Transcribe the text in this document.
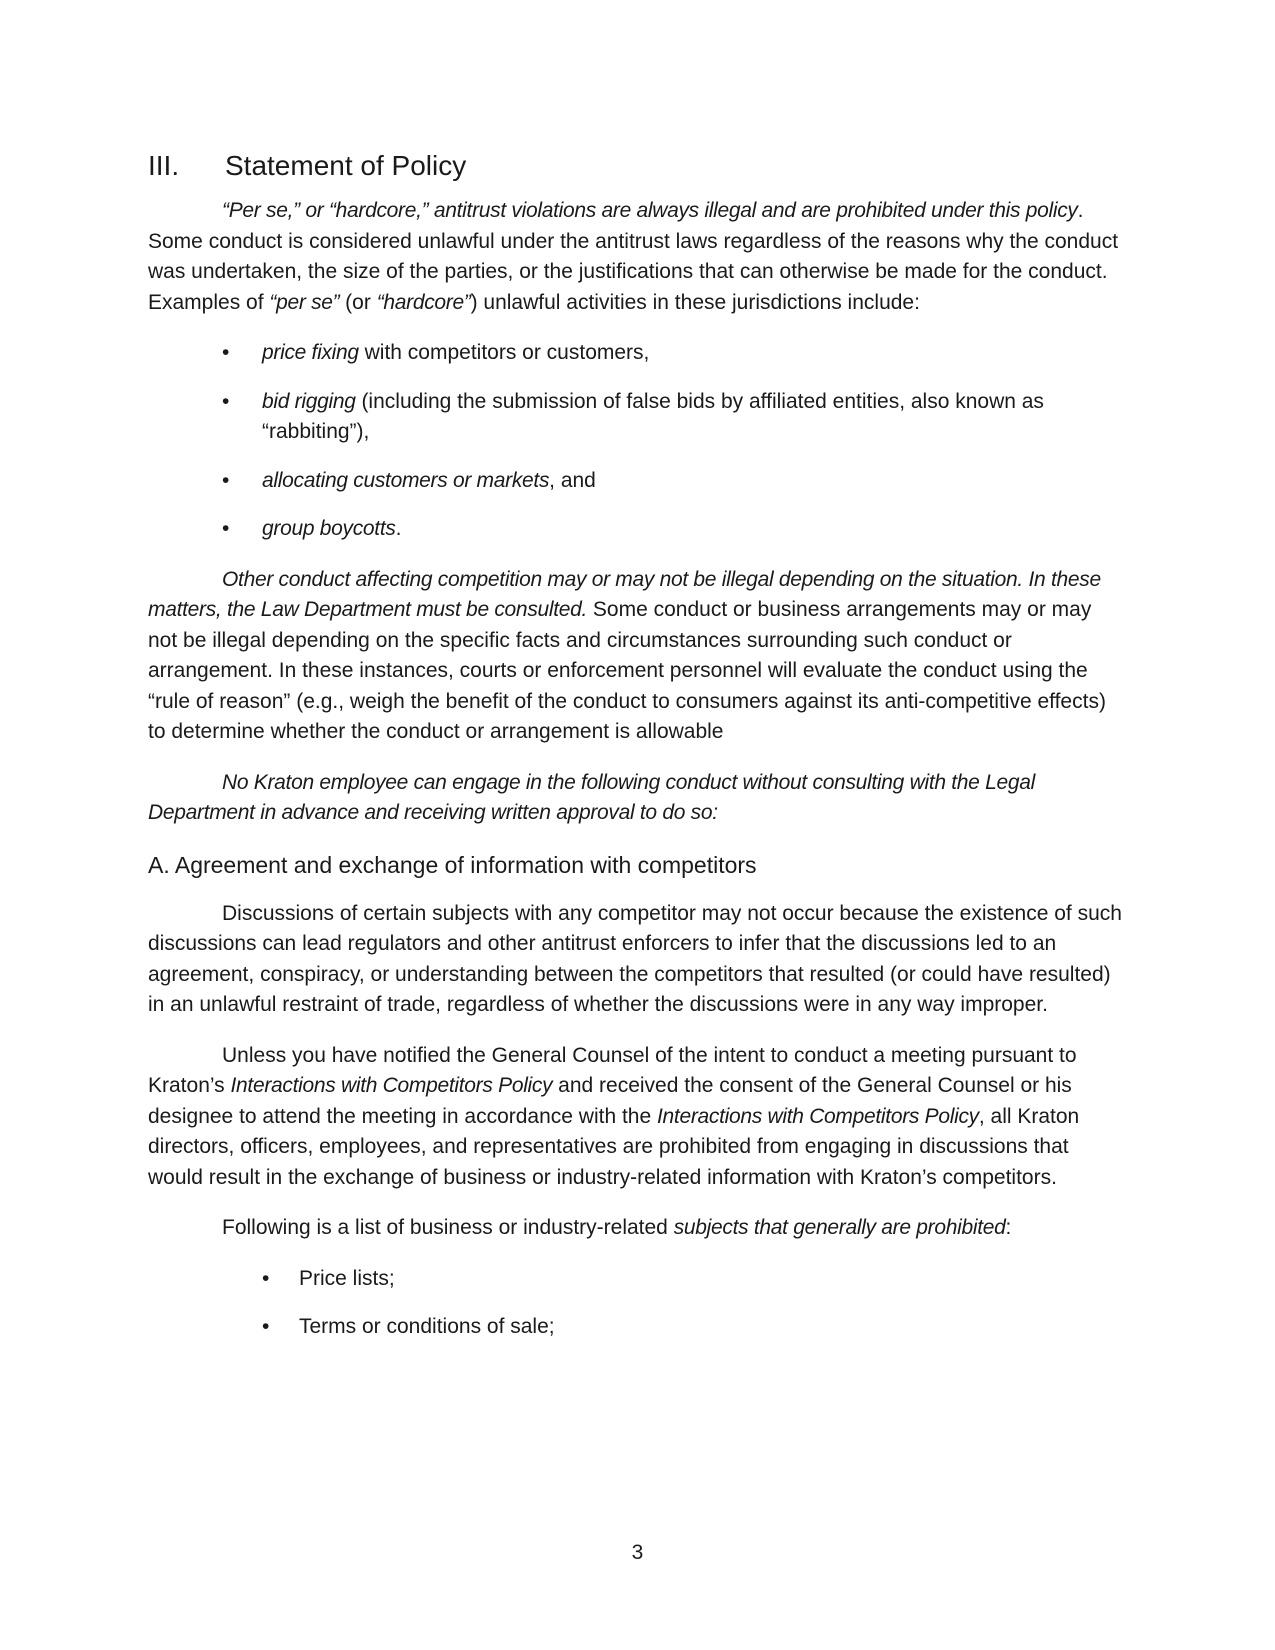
III.	Statement of Policy

“Per se,” or “hardcore,” antitrust violations are always illegal and are prohibited under this policy. Some conduct is considered unlawful under the antitrust laws regardless of the reasons why the conduct was undertaken, the size of the parties, or the justifications that can otherwise be made for the conduct. Examples of “per se” (or “hardcore”) unlawful activities in these jurisdictions include:

• price fixing with competitors or customers,
• bid rigging (including the submission of false bids by affiliated entities, also known as “rabbiting”),
• allocating customers or markets, and
• group boycotts.

Other conduct affecting competition may or may not be illegal depending on the situation. In these matters, the Law Department must be consulted. Some conduct or business arrangements may or may not be illegal depending on the specific facts and circumstances surrounding such conduct or arrangement. In these instances, courts or enforcement personnel will evaluate the conduct using the “rule of reason” (e.g., weigh the benefit of the conduct to consumers against its anti-competitive effects) to determine whether the conduct or arrangement is allowable

No Kraton employee can engage in the following conduct without consulting with the Legal Department in advance and receiving written approval to do so:

A. Agreement and exchange of information with competitors

Discussions of certain subjects with any competitor may not occur because the existence of such discussions can lead regulators and other antitrust enforcers to infer that the discussions led to an agreement, conspiracy, or understanding between the competitors that resulted (or could have resulted) in an unlawful restraint of trade, regardless of whether the discussions were in any way improper.

Unless you have notified the General Counsel of the intent to conduct a meeting pursuant to Kraton’s Interactions with Competitors Policy and received the consent of the General Counsel or his designee to attend the meeting in accordance with the Interactions with Competitors Policy, all Kraton directors, officers, employees, and representatives are prohibited from engaging in discussions that would result in the exchange of business or industry-related information with Kraton’s competitors.

Following is a list of business or industry-related subjects that generally are prohibited:

• Price lists;
• Terms or conditions of sale;
3
